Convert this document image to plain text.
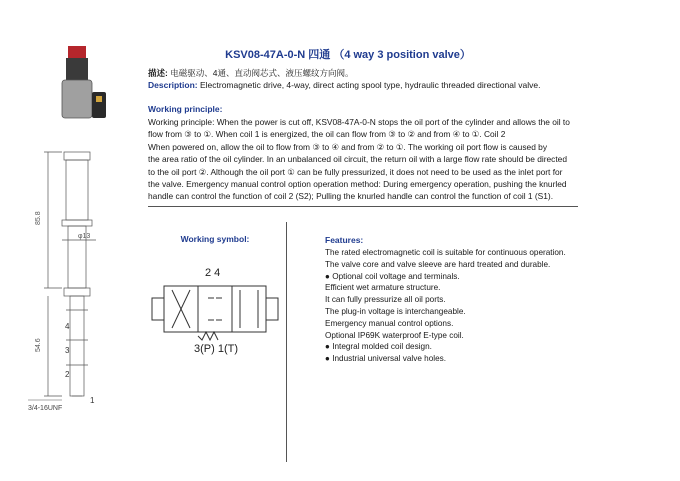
85.8
φ13
54.6
4
3
2
1
3/4-16UNF
KSV08-47A-0-N 四通 （4 way 3 position valve）
描述: 电磁驱动、4通、直动阀芯式、液压螺纹方向阀。
Description: Electromagnetic drive, 4-way, direct acting spool type, hydraulic threaded directional valve.
Working principle:

Working principle: When the power is cut off, KSV08-47A-0-N stops the oil port of the cylinder and allows the oil to

flow from ③ to ①. When coil 1 is energized, the oil can flow from ③ to ② and from ④ to ①. Coil 2

When powered on, allow the oil to flow from ③ to ④ and from ② to ①. The working oil port flow is caused by

the area ratio of the oil cylinder. In an unbalanced oil circuit, the return oil with a large flow rate should be directed

to the oil port ②. Although the oil port ① can be fully pressurized, it does not need to be used as the inlet port for

the valve. Emergency manual control option operation method: During emergency operation, pushing the knurled

handle can control the function of coil 2 (S2); Pulling the knurled handle can control the function of coil 1 (S1).

Working symbol:
2 4
3(P) 1(T)
Features:
The rated electromagnetic coil is suitable for continuous operation.
The valve core and valve sleeve are hard treated and durable.
● Optional coil voltage and terminals.
Efficient wet armature structure.
It can fully pressurize all oil ports.
The plug-in voltage is interchangeable.
Emergency manual control options.
Optional IP69K waterproof E-type coil.
● Integral molded coil design.
● Industrial universal valve holes.
